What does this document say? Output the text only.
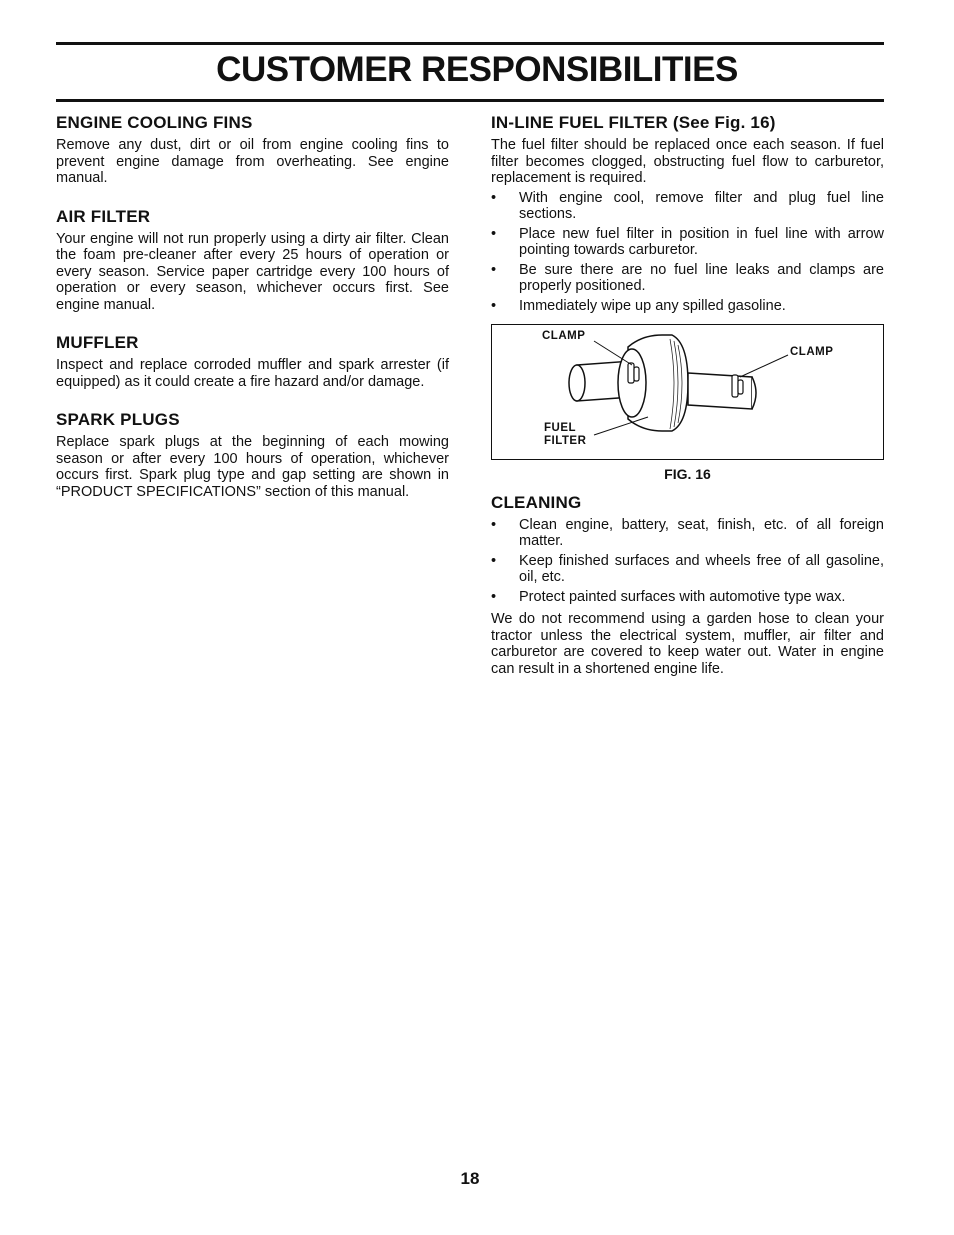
CUSTOMER RESPONSIBILITIES
ENGINE COOLING FINS

Remove any dust, dirt or oil from engine cooling fins to prevent engine damage from overheating. See engine manual.

AIR FILTER

Your engine will not run properly using a dirty air filter. Clean the foam pre-cleaner after every 25 hours of operation or every season. Service paper cartridge every 100 hours of operation or every season, whichever occurs first. See engine manual.

MUFFLER

Inspect and replace corroded muffler and spark arrester (if equipped) as it could create a fire hazard and/or damage.

SPARK PLUGS

Replace spark plugs at the beginning of each mowing season or after every 100 hours of operation, whichever occurs first. Spark plug type and gap setting are shown in “PRODUCT SPECIFICATIONS” section of this manual.

IN-LINE FUEL FILTER (See Fig. 16)

The fuel filter should be replaced once each season. If fuel filter becomes clogged, obstructing fuel flow to carburetor, replacement is required.

• With engine cool, remove filter and plug fuel line sections.
• Place new fuel filter in position in fuel line with arrow pointing towards carburetor.
• Be sure there are no fuel line leaks and clamps are properly positioned.
• Immediately wipe up any spilled gasoline.
CLAMP
CLAMP
FUEL
FILTER

FIG. 16

CLEANING
• Clean engine, battery, seat, finish, etc. of all foreign matter.
• Keep finished surfaces and wheels free of all gasoline, oil, etc.
• Protect painted surfaces with automotive type wax.

We do not recommend using a garden hose to clean your tractor unless the electrical system, muffler, air filter and carburetor are covered to keep water out. Water in engine can result in a shortened engine life.

18
